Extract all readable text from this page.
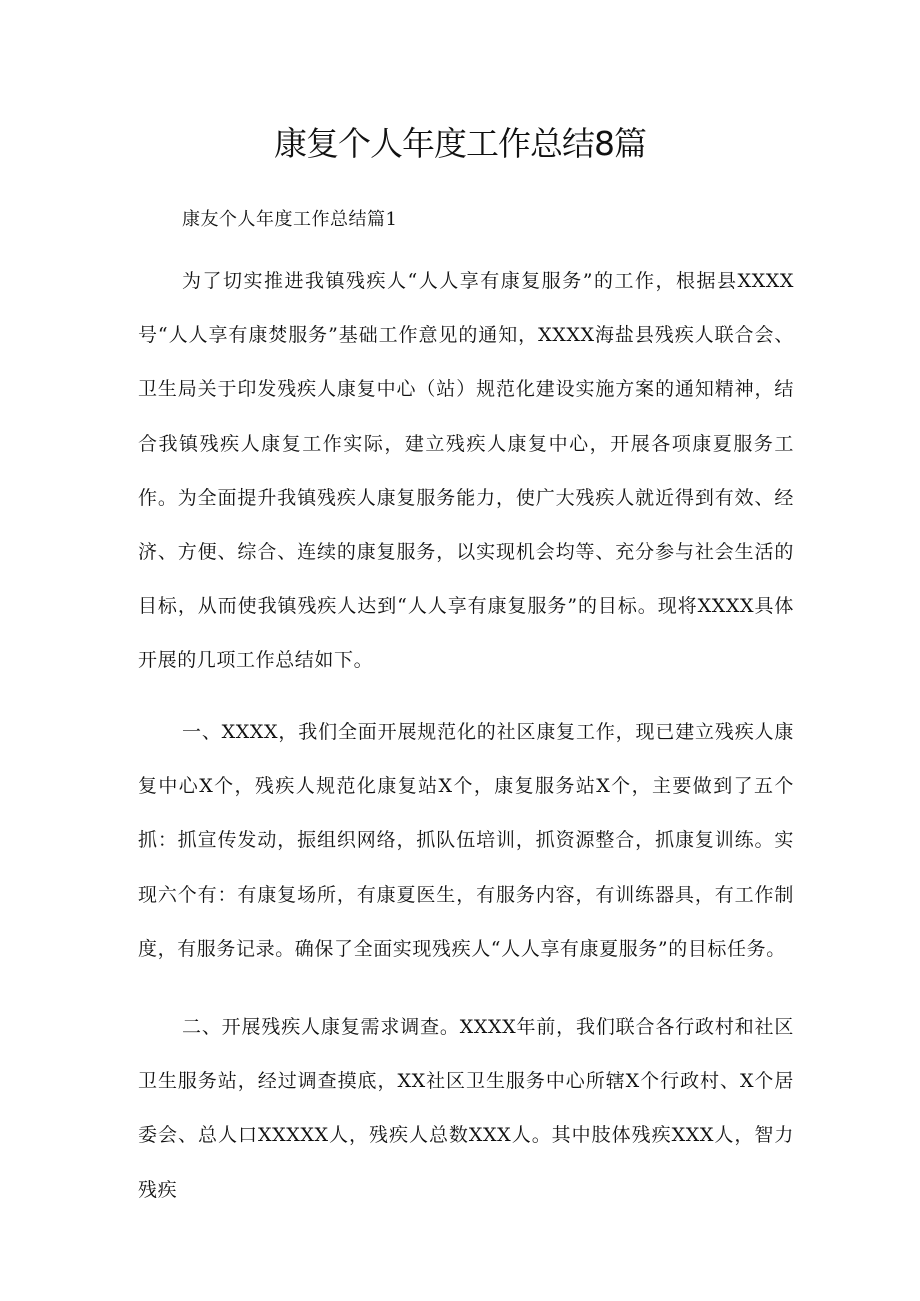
康复个人年度工作总结8篇
康友个人年度工作总结篇1

为了切实推进我镇残疾人“人人享有康复服务”的工作，根据县XXXX号“人人享有康焚服务”基础工作意见的通知，XXXX海盐县残疾人联合会、卫生局关于印发残疾人康复中心（站）规范化建设实施方案的通知精神，结合我镇残疾人康复工作实际，建立残疾人康复中心，开展各项康夏服务工作。为全面提升我镇残疾人康复服务能力，使广大残疾人就近得到有效、经济、方便、综合、连续的康复服务，以实现机会均等、充分参与社会生活的目标，从而使我镇残疾人达到“人人享有康复服务”的目标。现将XXXX具体开展的几项工作总结如下。

一、XXXX，我们全面开展规范化的社区康复工作，现已建立残疾人康复中心X个，残疾人规范化康复站X个，康复服务站X个，主要做到了五个抓：抓宣传发动，振组织网络，抓队伍培训，抓资源整合，抓康复训练。实现六个有：有康复场所，有康夏医生，有服务内容，有训练器具，有工作制度，有服务记录。确保了全面实现残疾人“人人享有康夏服务”的目标任务。

二、开展残疾人康复需求调查。XXXX年前，我们联合各行政村和社区卫生服务站，经过调查摸底，XX社区卫生服务中心所辖X个行政村、X个居委会、总人口XXXXX人，残疾人总数XXX人。其中肢体残疾XXX人，智力残疾
